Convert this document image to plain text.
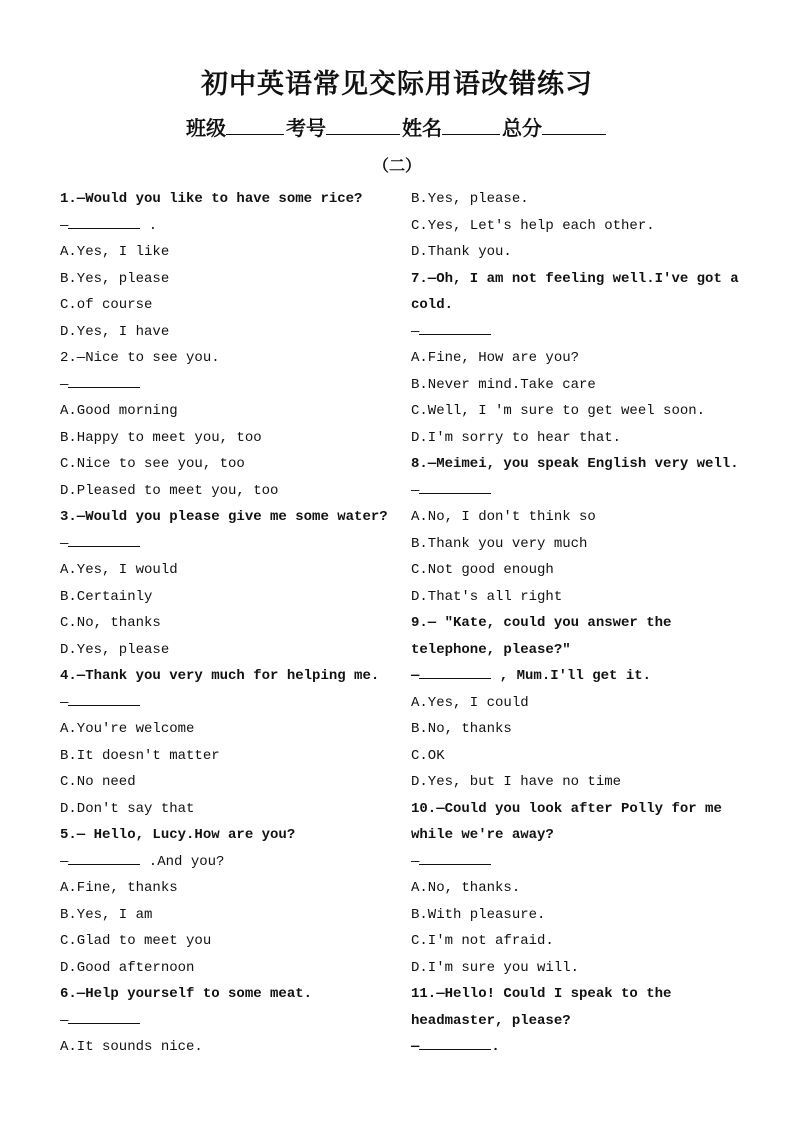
初中英语常见交际用语改错练习
班级	考号	姓名	总分
（二）
1.—Would you like to have some rice?
—	.
A.Yes, I like
B.Yes, please
C.of course
D.Yes, I have
2.—Nice to see you.
—
A.Good morning
B.Happy to meet you, too
C.Nice to see you, too
D.Pleased to meet you, too
3.—Would you please give me some water?
—
A.Yes, I would
B.Certainly
C.No, thanks
D.Yes, please
4.—Thank you very much for helping me.
—
A.You're welcome
B.It doesn't matter
C.No need
D.Don't say that
5.— Hello, Lucy.How are you?
—	.And you?
A.Fine, thanks
B.Yes, I am
C.Glad to meet you
D.Good afternoon
6.—Help yourself to some meat.
—
A.It sounds nice.
B.Yes, please.
C.Yes, Let's help each other.
D.Thank you.
7.—Oh, I am not feeling well.I've got a
cold.
—
A.Fine, How are you?
B.Never mind.Take care
C.Well, I 'm sure to get weel soon.
D.I'm sorry to hear that.
8.—Meimei, you speak English very well.
—
A.No, I don't think so
B.Thank you very much
C.Not good enough
D.That's all right
9.— "Kate, could you answer the
telephone, please?"
—	, Mum.I'll get it.
A.Yes, I could
B.No, thanks
C.OK
D.Yes, but I have no time
10.—Could you look after Polly for me
while we're away?
—
A.No, thanks.
B.With pleasure.
C.I'm not afraid.
D.I'm sure you will.
11.—Hello! Could I speak to the
headmaster, please?
—	.
